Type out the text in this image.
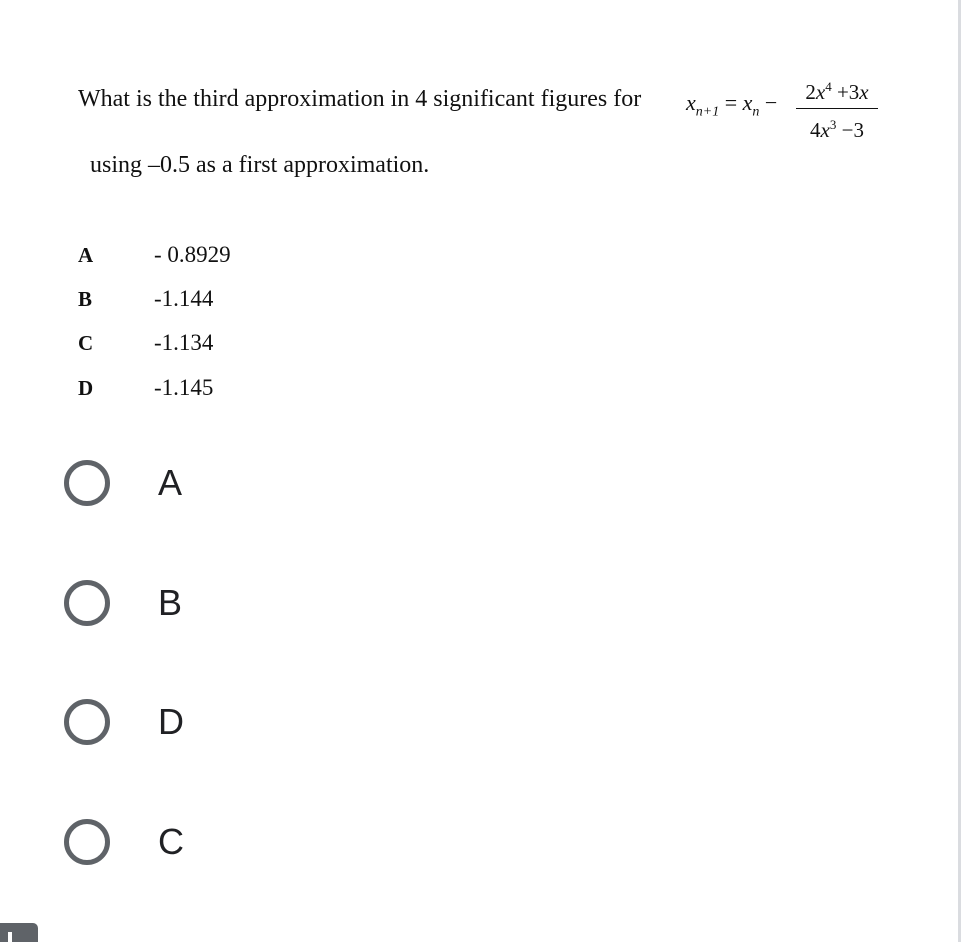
What is the third approximation in 4 significant figures for $x_{n+1} = x_n$ −	$2x^4 +3x$
$4x^3 -3$
using –0.5 as a first approximation.
A	- 0.8929
B	-1.144
C	-1.134
D	-1.145
A
B
D
C
